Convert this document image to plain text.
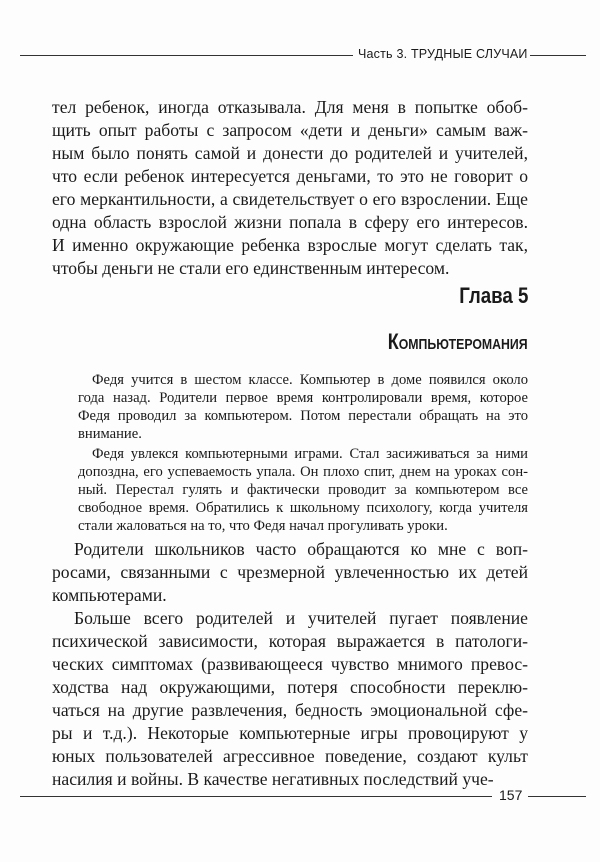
Часть 3. ТРУДНЫЕ СЛУЧАИ

тел ребенок, иногда отказывала. Для меня в попытке обоб-
щить опыт работы с запросом «дети и деньги» самым важ-
ным было понять самой и донести до родителей и учителей,
что если ребенок интересуется деньгами, то это не говорит о
его меркантильности, а свидетельствует о его взрослении. Еще
одна область взрослой жизни попала в сферу его интересов.
И именно окружающие ребенка взрослые могут сделать так,
чтобы деньги не стали его единственным интересом.

Глава 5
Компьютеромания

Федя учится в шестом классе. Компьютер в доме появился около
года назад. Родители первое время контролировали время, которое
Федя проводил за компьютером. Потом перестали обращать на это
внимание.

Федя увлекся компьютерными играми. Стал засиживаться за ними
допоздна, его успеваемость упала. Он плохо спит, днем на уроках сон-
ный. Перестал гулять и фактически проводит за компьютером все
свободное время. Обратились к школьному психологу, когда учителя
стали жаловаться на то, что Федя начал прогуливать уроки.

Родители школьников часто обращаются ко мне с воп-
росами, связанными с чрезмерной увлеченностью их детей
компьютерами.

Больше всего родителей и учителей пугает появление
психической зависимости, которая выражается в патологи-
ческих симптомах (развивающееся чувство мнимого превос-
ходства над окружающими, потеря способности переклю-
чаться на другие развлечения, бедность эмоциональной сфе-
ры и т.д.). Некоторые компьютерные игры провоцируют у
юных пользователей агрессивное поведение, создают культ
насилия и войны. В качестве негативных последствий уче-

157
